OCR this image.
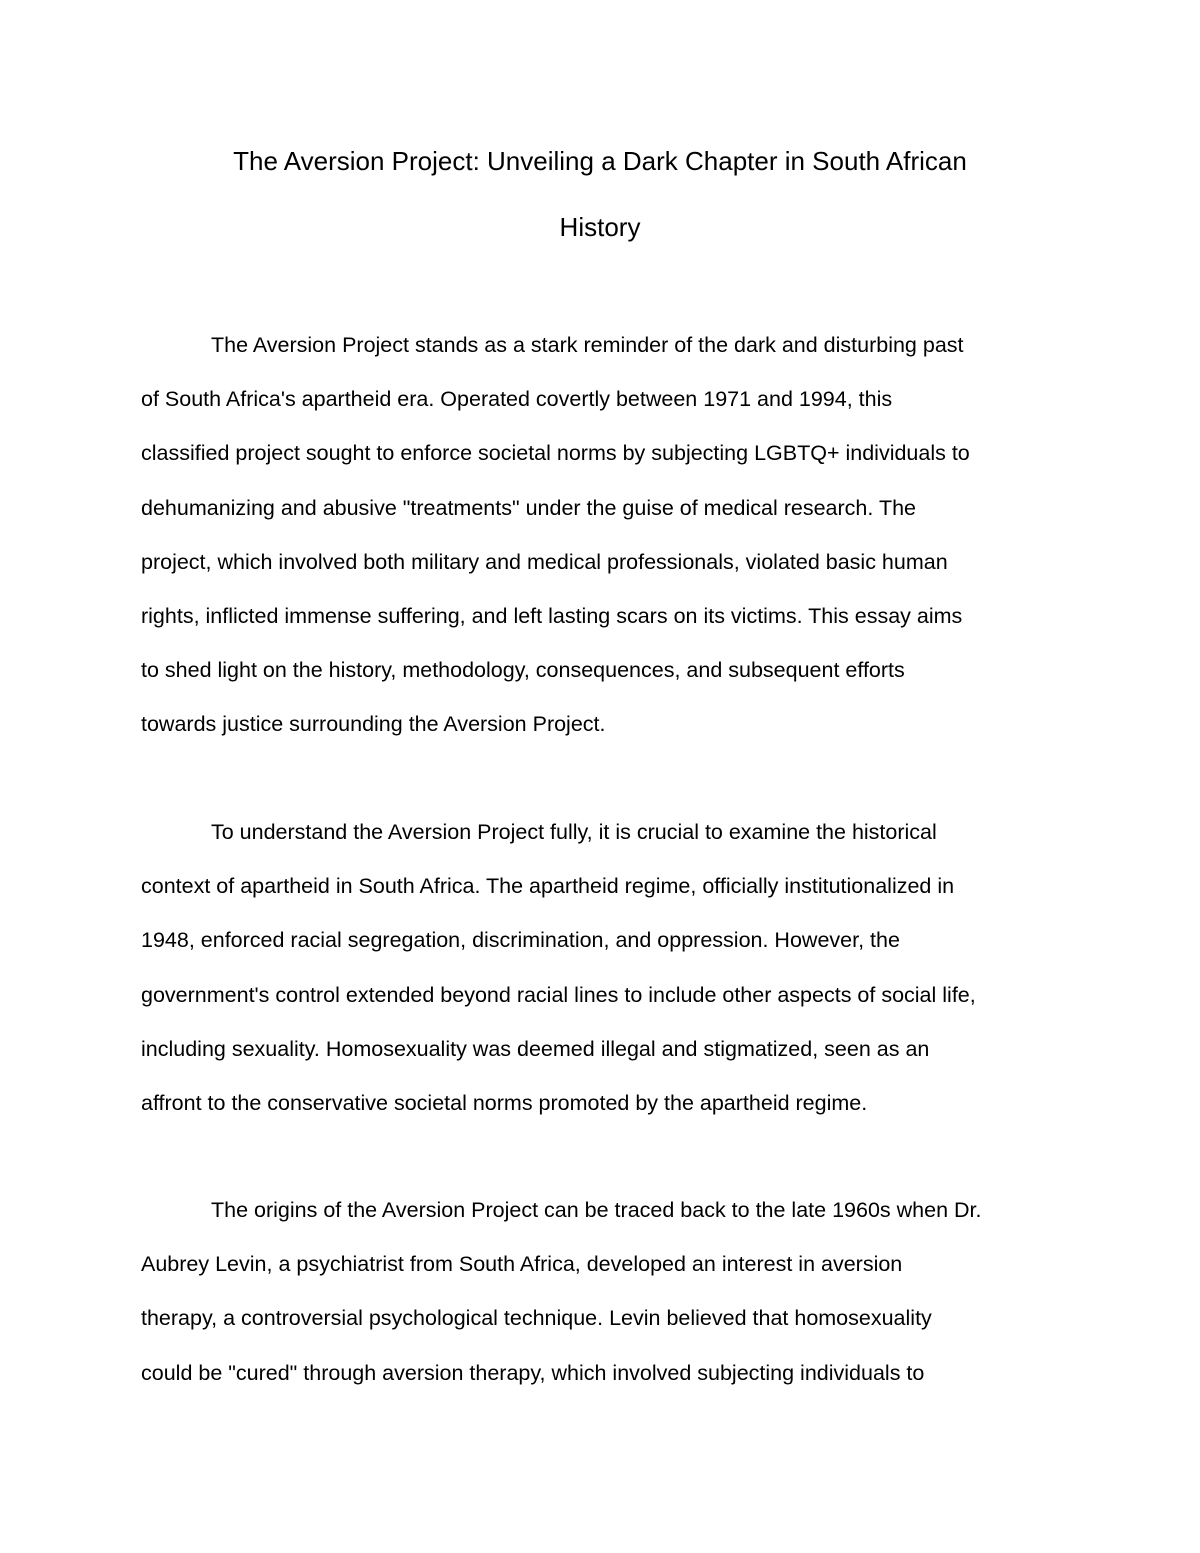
The Aversion Project: Unveiling a Dark Chapter in South African
History

The Aversion Project stands as a stark reminder of the dark and disturbing past
of South Africa's apartheid era. Operated covertly between 1971 and 1994, this
classified project sought to enforce societal norms by subjecting LGBTQ+ individuals to
dehumanizing and abusive "treatments" under the guise of medical research. The
project, which involved both military and medical professionals, violated basic human
rights, inflicted immense suffering, and left lasting scars on its victims. This essay aims
to shed light on the history, methodology, consequences, and subsequent efforts
towards justice surrounding the Aversion Project.

To understand the Aversion Project fully, it is crucial to examine the historical
context of apartheid in South Africa. The apartheid regime, officially institutionalized in
1948, enforced racial segregation, discrimination, and oppression. However, the
government's control extended beyond racial lines to include other aspects of social life,
including sexuality. Homosexuality was deemed illegal and stigmatized, seen as an
affront to the conservative societal norms promoted by the apartheid regime.

The origins of the Aversion Project can be traced back to the late 1960s when Dr.
Aubrey Levin, a psychiatrist from South Africa, developed an interest in aversion
therapy, a controversial psychological technique. Levin believed that homosexuality
could be "cured" through aversion therapy, which involved subjecting individuals to
